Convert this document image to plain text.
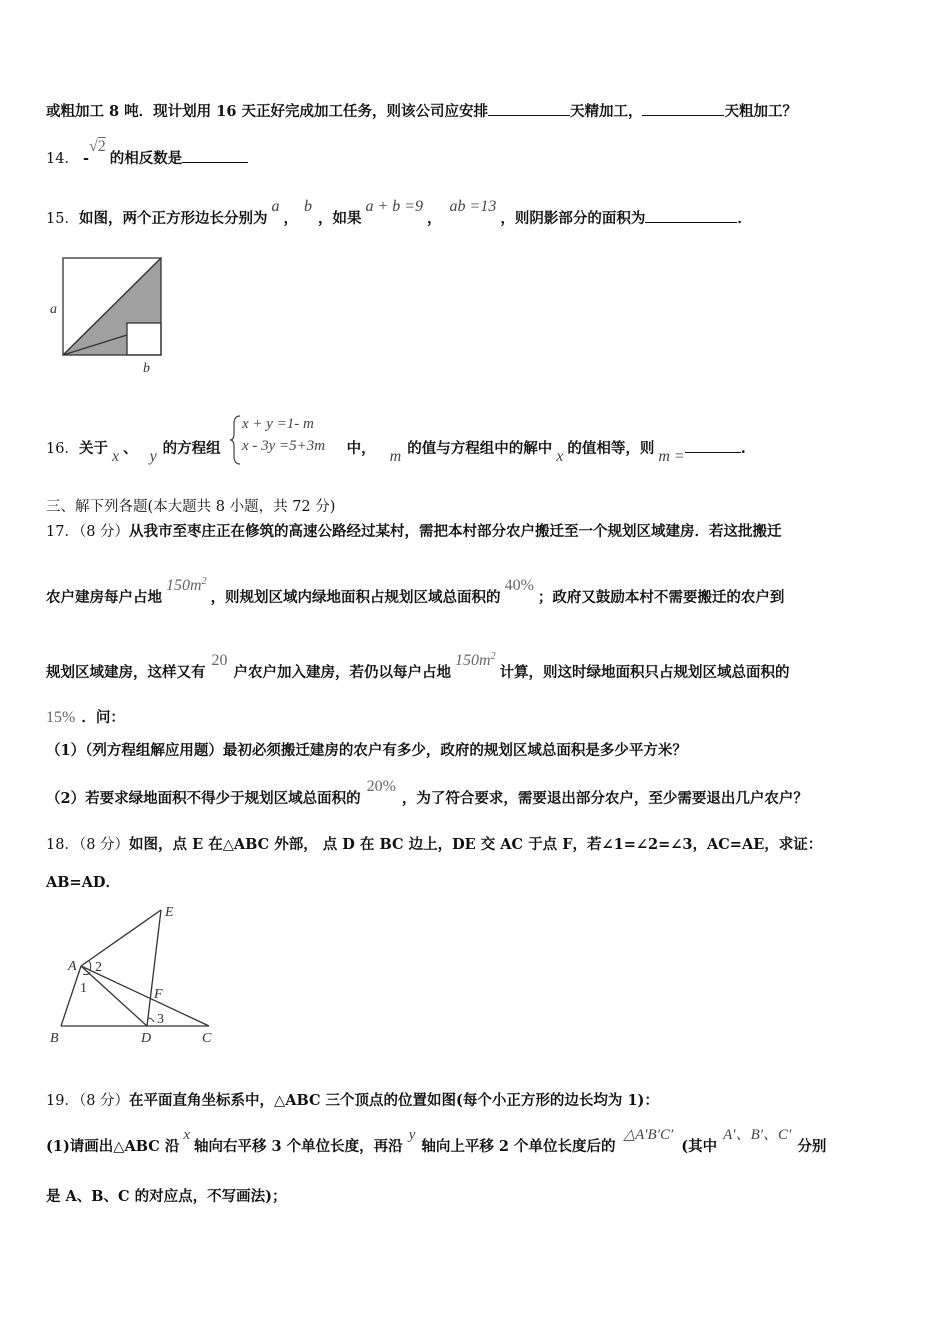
或粗加工 8 吨．现计划用 16 天正好完成加工任务，则该公司应安排	天精加工，	天粗加工？
14． -√2的相反数是
15．如图，两个正方形边长分别为a，b，如果a + b =9，ab =13，则阴影部分的面积为	．
a
b
16．关于 x 、 y 的方程组	中， m 的值与方程组中的解中 x 的值相等，则 m =	.
x + y =1- m
x - 3y =5+3m
三、解下列各题(本大题共 8 小题，共 72 分)
17．（8 分）从我市至枣庄正在修筑的高速公路经过某村，需把本村部分农户搬迁至一个规划区域建房．若这批搬迁
农户建房每户占地$150m^2$，则规划区域内绿地面积占规划区域总面积的40%；政府又鼓励本村不需要搬迁的农户到
规划区域建房，这样又有20户农户加入建房，若仍以每户占地$150m^2$计算，则这时绿地面积只占规划区域总面积的
15% ．问：
（1）（列方程组解应用题）最初必须搬迁建房的农户有多少，政府的规划区域总面积是多少平方米？
（2）若要求绿地面积不得少于规划区域总面积的20%，为了符合要求，需要退出部分农户，至少需要退出几户农户？
18．（8 分）如图，点 E 在△ABC 外部， 点 D 在 BC 边上，DE 交 AC 于点 F，若∠1=∠2=∠3，AC=AE，求证：
AB=AD．
A
B	C
D
E
F
1
2
3
19．（8 分）在平面直角坐标系中，△ABC 三个顶点的位置如图(每个小正方形的边长均为 1)：
(1)请画出△ABC 沿x轴向右平移 3 个单位长度，再沿y轴向上平移 2 个单位长度后的△A′B′C′(其中A′、B′、C′分别
是 A、B、C 的对应点，不写画法)；
